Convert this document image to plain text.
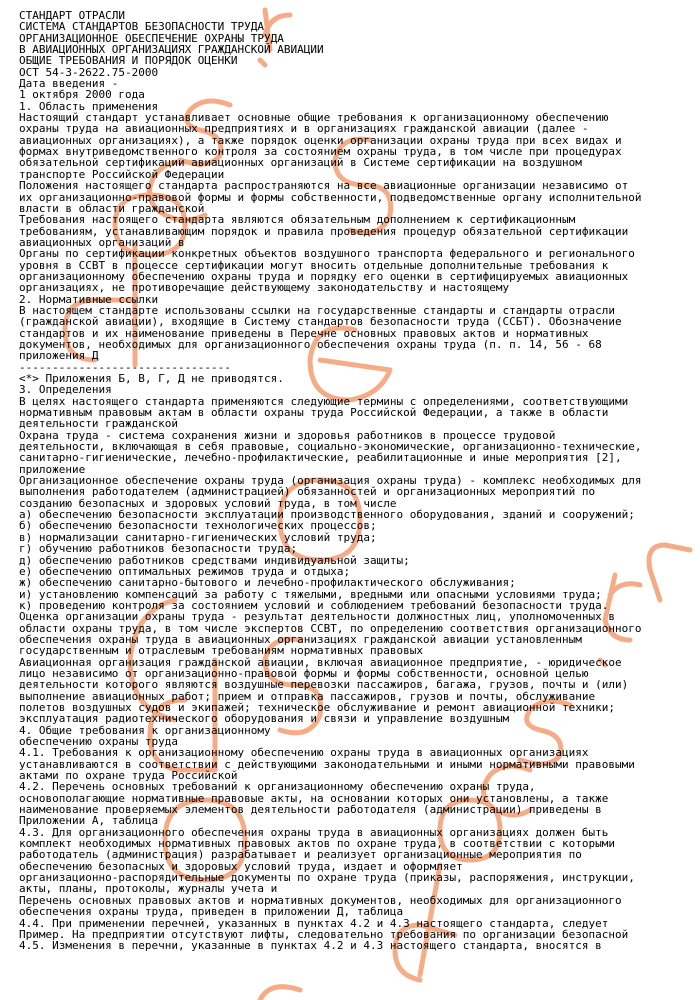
СТАНДАРТ ОТРАСЛИ
СИСТЕМА СТАНДАРТОВ БЕЗОПАСНОСТИ ТРУДА
ОРГАНИЗАЦИОННОЕ ОБЕСПЕЧЕНИЕ ОХРАНЫ ТРУДА
В АВИАЦИОННЫХ ОРГАНИЗАЦИЯХ ГРАЖДАНСКОЙ АВИАЦИИ
ОБЩИЕ ТРЕБОВАНИЯ И ПОРЯДОК ОЦЕНКИ
ОСТ 54-3-2622.75-2000
Дата введения -
1 октября 2000 года
1. Область применения
Настоящий стандарт устанавливает основные общие требования к организационному обеспечению
охраны труда на авиационных предприятиях и в организациях гражданской авиации (далее -
авиационных организациях), а также порядок оценки организации охраны труда при всех видах и
формах внутриведомственного контроля за состоянием охраны труда, в том числе при процедурах
обязательной сертификации авиационных организаций в Системе сертификации на воздушном
транспорте Российской Федерации
Положения настоящего стандарта распространяются на все авиационные организации независимо от
их организационно-правовой формы и формы собственности, подведомственные органу исполнительной
власти в области гражданской
Требования настоящего стандарта являются обязательным дополнением к сертификационным
требованиям, устанавливающим порядок и правила проведения процедур обязательной сертификации
авиационных организаций в
Органы по сертификации конкретных объектов воздушного транспорта федерального и регионального
уровня в ССВТ в процессе сертификации могут вносить отдельные дополнительные требования к
организационному обеспечению охраны труда и порядку его оценки в сертифицируемых авиационных
организациях, не противоречащие действующему законодательству и настоящему
2. Нормативные ссылки
В настоящем стандарте использованы ссылки на государственные стандарты и стандарты отрасли
(гражданской авиации), входящие в Систему стандартов безопасности труда (ССБТ). Обозначение
стандартов и их наименование приведены в Перечне основных правовых актов и нормативных
документов, необходимых для организационного обеспечения охраны труда (п. п. 14, 56 - 68
приложения Д
--------------------------------
<*> Приложения Б, В, Г, Д не приводятся.
3. Определения
В целях настоящего стандарта применяются следующие термины с определениями, соответствующими
нормативным правовым актам в области охраны труда Российской Федерации, а также в области
деятельности гражданской
Охрана труда - система сохранения жизни и здоровья работников в процессе трудовой
деятельности, включающая в себя правовые, социально-экономические, организационно-технические,
санитарно-гигиенические, лечебно-профилактические, реабилитационные и иные мероприятия [2],
приложение
Организационное обеспечение охраны труда (организация охраны труда) - комплекс необходимых для
выполнения работодателем (администрацией) обязанностей и организационных мероприятий по
созданию безопасных и здоровых условий труда, в том числе
а) обеспечению безопасности эксплуатации производственного оборудования, зданий и сооружений;
б) обеспечению безопасности технологических процессов;
в) нормализации санитарно-гигиенических условий труда;
г) обучению работников безопасности труда;
д) обеспечению работников средствами индивидуальной защиты;
е) обеспечению оптимальных режимов труда и отдыха;
ж) обеспечению санитарно-бытового и лечебно-профилактического обслуживания;
и) установлению компенсаций за работу с тяжелыми, вредными или опасными условиями труда;
к) проведению контроля за состоянием условий и соблюдением требований безопасности труда.
Оценка организации охраны труда - результат деятельности должностных лиц, уполномоченных в
области охраны труда, в том числе экспертов ССВТ, по определению соответствия организационного
обеспечения охраны труда в авиационных организациях гражданской авиации установленным
государственным и отраслевым требованиям нормативных правовых
Авиационная организация гражданской авиации, включая авиационное предприятие, - юридическое
лицо независимо от организационно-правовой формы и формы собственности, основной целью
деятельности которого являются воздушные перевозки пассажиров, багажа, грузов, почты и (или)
выполнение авиационных работ; прием и отправка пассажиров, грузов и почты, обслуживание
полетов воздушных судов и экипажей; техническое обслуживание и ремонт авиационной техники;
эксплуатация радиотехнического оборудования и связи и управление воздушным
4. Общие требования к организационному
обеспечению охраны труда
4.1. Требования к организационному обеспечению охраны труда в авиационных организациях
устанавливаются в соответствии с действующими законодательными и иными нормативными правовыми
актами по охране труда Российской
4.2. Перечень основных требований к организационному обеспечению охраны труда,
основополагающие нормативные правовые акты, на основании которых они установлены, а также
наименование проверяемых элементов деятельности работодателя (администрации) приведены в
Приложении А, таблица
4.3. Для организационного обеспечения охраны труда в авиационных организациях должен быть
комплект необходимых нормативных правовых актов по охране труда, в соответствии с которыми
работодатель (администрация) разрабатывает и реализует организационные мероприятия по
обеспечению безопасных и здоровых условий труда, издает и оформляет
организационно-распорядительные документы по охране труда (приказы, распоряжения, инструкции,
акты, планы, протоколы, журналы учета и
Перечень основных правовых актов и нормативных документов, необходимых для организационного
обеспечения охраны труда, приведен в приложении Д, таблица
4.4. При применении перечней, указанных в пунктах 4.2 и 4.3 настоящего стандарта, следует
Пример. На предприятии отсутствуют лифты, следовательно требования по организации безопасной
4.5. Изменения в перечни, указанные в пунктах 4.2 и 4.3 настоящего стандарта, вносятся в
